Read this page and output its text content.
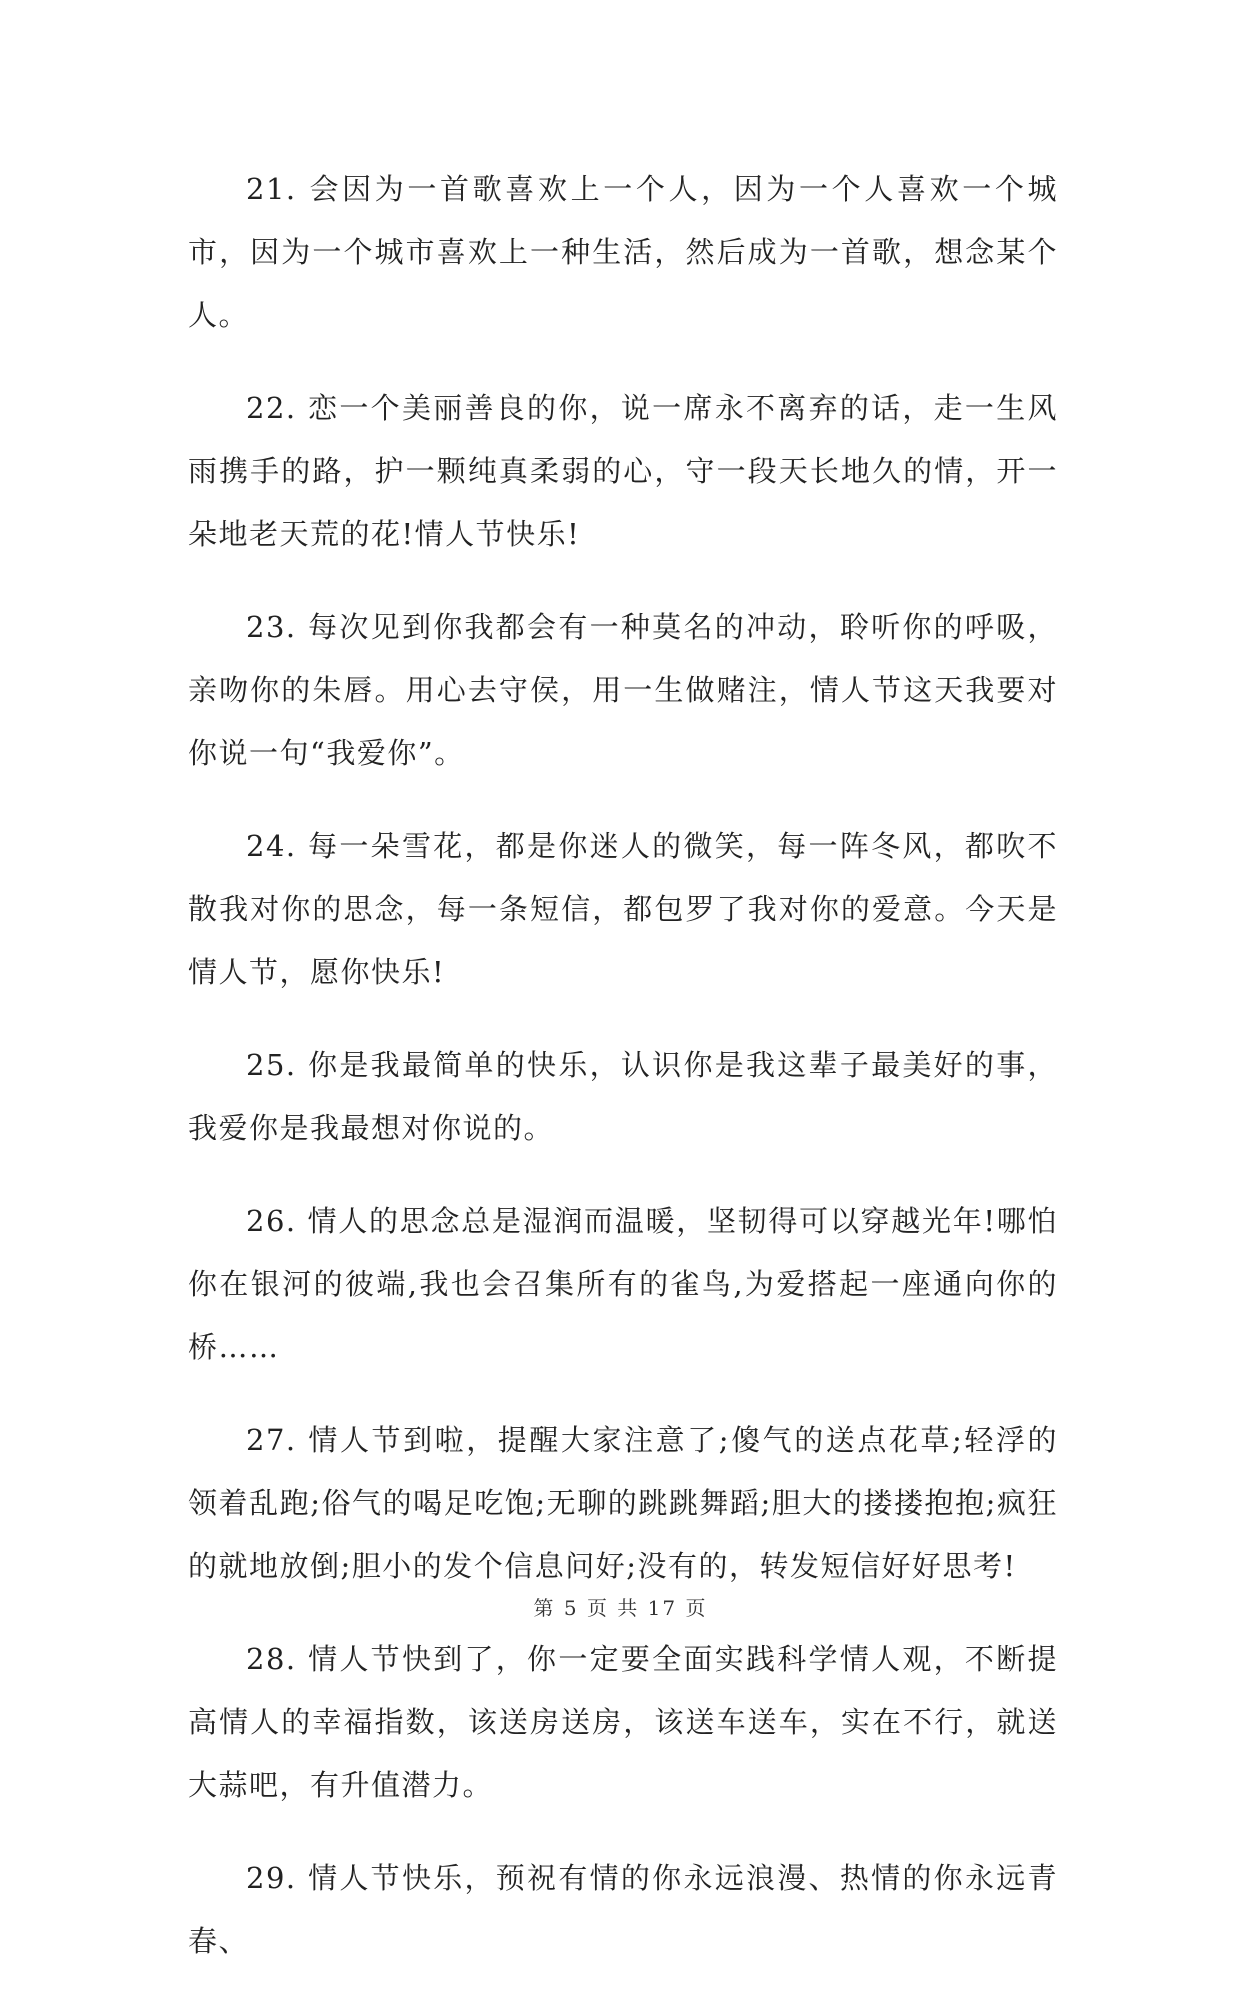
21. 会因为一首歌喜欢上一个人，因为一个人喜欢一个城市，因为一个城市喜欢上一种生活，然后成为一首歌，想念某个人。

22. 恋一个美丽善良的你，说一席永不离弃的话，走一生风雨携手的路，护一颗纯真柔弱的心，守一段天长地久的情，开一朵地老天荒的花!情人节快乐!

23. 每次见到你我都会有一种莫名的冲动，聆听你的呼吸，亲吻你的朱唇。用心去守侯，用一生做赌注，情人节这天我要对你说一句“我爱你”。

24. 每一朵雪花，都是你迷人的微笑，每一阵冬风，都吹不散我对你的思念，每一条短信，都包罗了我对你的爱意。今天是情人节，愿你快乐!

25. 你是我最简单的快乐，认识你是我这辈子最美好的事，我爱你是我最想对你说的。

26. 情人的思念总是湿润而温暖，坚韧得可以穿越光年!哪怕你在银河的彼端,我也会召集所有的雀鸟,为爱搭起一座通向你的桥……

27. 情人节到啦，提醒大家注意了;傻气的送点花草;轻浮的领着乱跑;俗气的喝足吃饱;无聊的跳跳舞蹈;胆大的搂搂抱抱;疯狂的就地放倒;胆小的发个信息问好;没有的，转发短信好好思考!

28. 情人节快到了，你一定要全面实践科学情人观，不断提高情人的幸福指数，该送房送房，该送车送车，实在不行，就送大蒜吧，有升值潜力。

29. 情人节快乐，预祝有情的你永远浪漫、热情的你永远青春、

第 5 页 共 17 页
